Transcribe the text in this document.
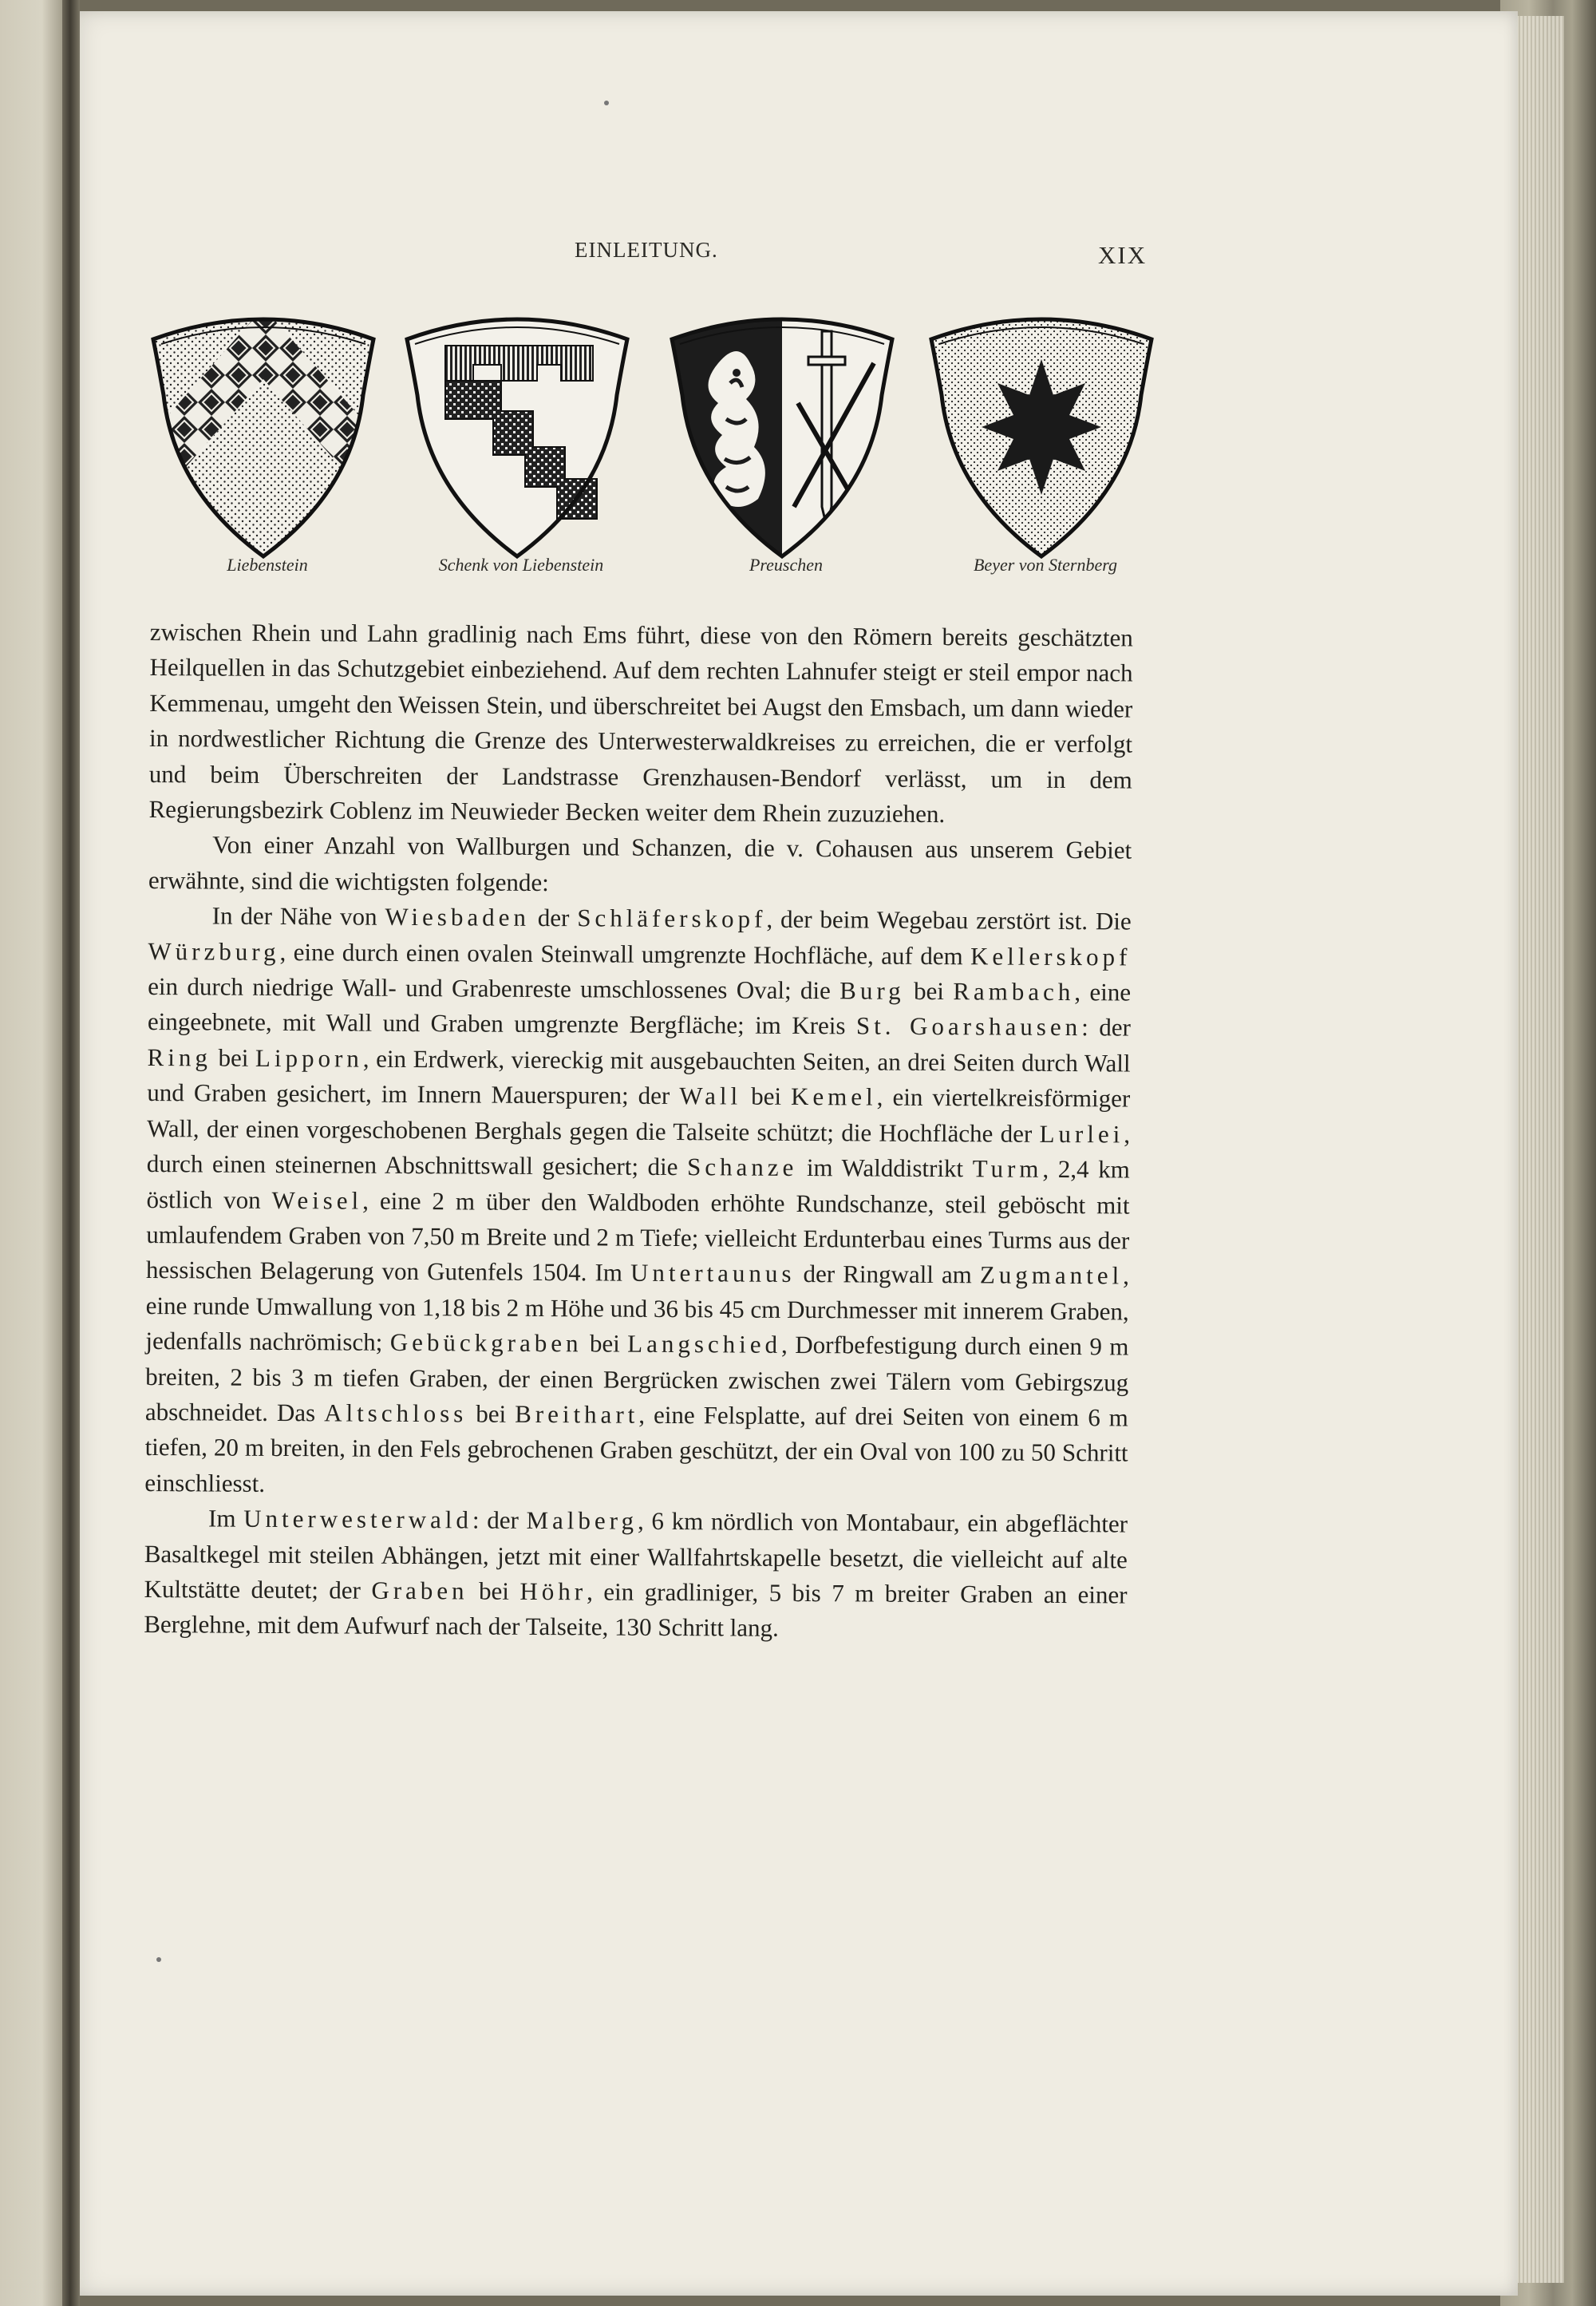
EINLEITUNG.	XIX
Liebenstein	Schenk von Liebenstein	Preuschen	Beyer von Sternberg

zwischen Rhein und Lahn gradlinig nach Ems führt, diese von den Römern bereits geschätzten Heilquellen in das Schutzgebiet einbeziehend. Auf dem rechten Lahnufer steigt er steil empor nach Kemmenau, umgeht den Weissen Stein, und überschreitet bei Augst den Emsbach, um dann wieder in nordwestlicher Richtung die Grenze des Unterwesterwaldkreises zu erreichen, die er verfolgt und beim Überschreiten der Landstrasse Grenzhausen-Bendorf verlässt, um in dem Regierungsbezirk Coblenz im Neuwieder Becken weiter dem Rhein zuzuziehen.

Von einer Anzahl von Wallburgen und Schanzen, die v. Cohausen aus unserem Gebiet erwähnte, sind die wichtigsten folgende:

In der Nähe von Wiesbaden der Schläferskopf, der beim Wegebau zerstört ist. Die Würzburg, eine durch einen ovalen Steinwall umgrenzte Hochfläche, auf dem Kellerskopf ein durch niedrige Wall- und Grabenreste umschlossenes Oval; die Burg bei Rambach, eine eingeebnete, mit Wall und Graben umgrenzte Bergfläche; im Kreis St. Goarshausen: der Ring bei Lipporn, ein Erdwerk, viereckig mit ausgebauchten Seiten, an drei Seiten durch Wall und Graben gesichert, im Innern Mauerspuren; der Wall bei Kemel, ein viertelkreisförmiger Wall, der einen vorgeschobenen Berghals gegen die Talseite schützt; die Hochfläche der Lurlei, durch einen steinernen Abschnittswall gesichert; die Schanze im Walddistrikt Turm, 2,4 km östlich von Weisel, eine 2 m über den Waldboden erhöhte Rundschanze, steil geböscht mit umlaufendem Graben von 7,50 m Breite und 2 m Tiefe; vielleicht Erdunterbau eines Turms aus der hessischen Belagerung von Gutenfels 1504. Im Untertaunus der Ringwall am Zugmantel, eine runde Umwallung von 1,18 bis 2 m Höhe und 36 bis 45 cm Durchmesser mit innerem Graben, jedenfalls nachrömisch; Gebückgraben bei Langschied, Dorfbefestigung durch einen 9 m breiten, 2 bis 3 m tiefen Graben, der einen Bergrücken zwischen zwei Tälern vom Gebirgszug abschneidet. Das Altschloss bei Breithart, eine Felsplatte, auf drei Seiten von einem 6 m tiefen, 20 m breiten, in den Fels gebrochenen Graben geschützt, der ein Oval von 100 zu 50 Schritt einschliesst.

Im Unterwesterwald: der Malberg, 6 km nördlich von Montabaur, ein abgeflächter Basaltkegel mit steilen Abhängen, jetzt mit einer Wallfahrtskapelle besetzt, die vielleicht auf alte Kultstätte deutet; der Graben bei Höhr, ein gradliniger, 5 bis 7 m breiter Graben an einer Berglehne, mit dem Aufwurf nach der Talseite, 130 Schritt lang.
